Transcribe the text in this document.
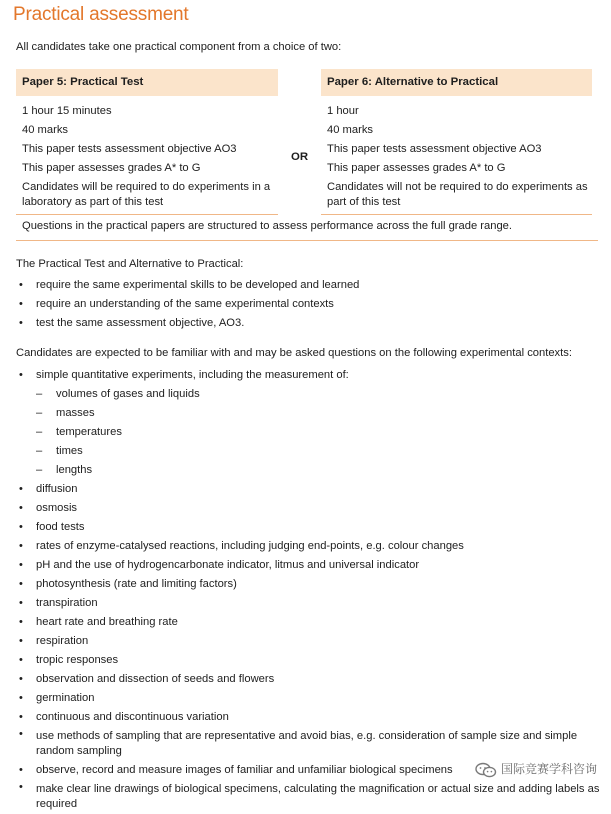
Practical assessment
All candidates take one practical component from a choice of two:
Paper 5: Practical Test
1 hour 15 minutes
40 marks
This paper tests assessment objective AO3
This paper assesses grades A* to G
Candidates will be required to do experiments in a laboratory as part of this test
OR
Paper 6: Alternative to Practical
1 hour
40 marks
This paper tests assessment objective AO3
This paper assesses grades A* to G
Candidates will not be required to do experiments as part of this test
Questions in the practical papers are structured to assess performance across the full grade range.
The Practical Test and Alternative to Practical:
• require the same experimental skills to be developed and learned
• require an understanding of the same experimental contexts
• test the same assessment objective, AO3.
Candidates are expected to be familiar with and may be asked questions on the following experimental contexts:
• simple quantitative experiments, including the measurement of:
– volumes of gases and liquids
– masses
– temperatures
– times
– lengths
• diffusion
• osmosis
• food tests
• rates of enzyme-catalysed reactions, including judging end-points, e.g. colour changes
• pH and the use of hydrogencarbonate indicator, litmus and universal indicator
• photosynthesis (rate and limiting factors)
• transpiration
• heart rate and breathing rate
• respiration
• tropic responses
• observation and dissection of seeds and flowers
• germination
• continuous and discontinuous variation
• use methods of sampling that are representative and avoid bias, e.g. consideration of sample size and simple random sampling
• observe, record and measure images of familiar and unfamiliar biological specimens
• make clear line drawings of biological specimens, calculating the magnification or actual size and adding labels as required
国际竞赛学科咨询
